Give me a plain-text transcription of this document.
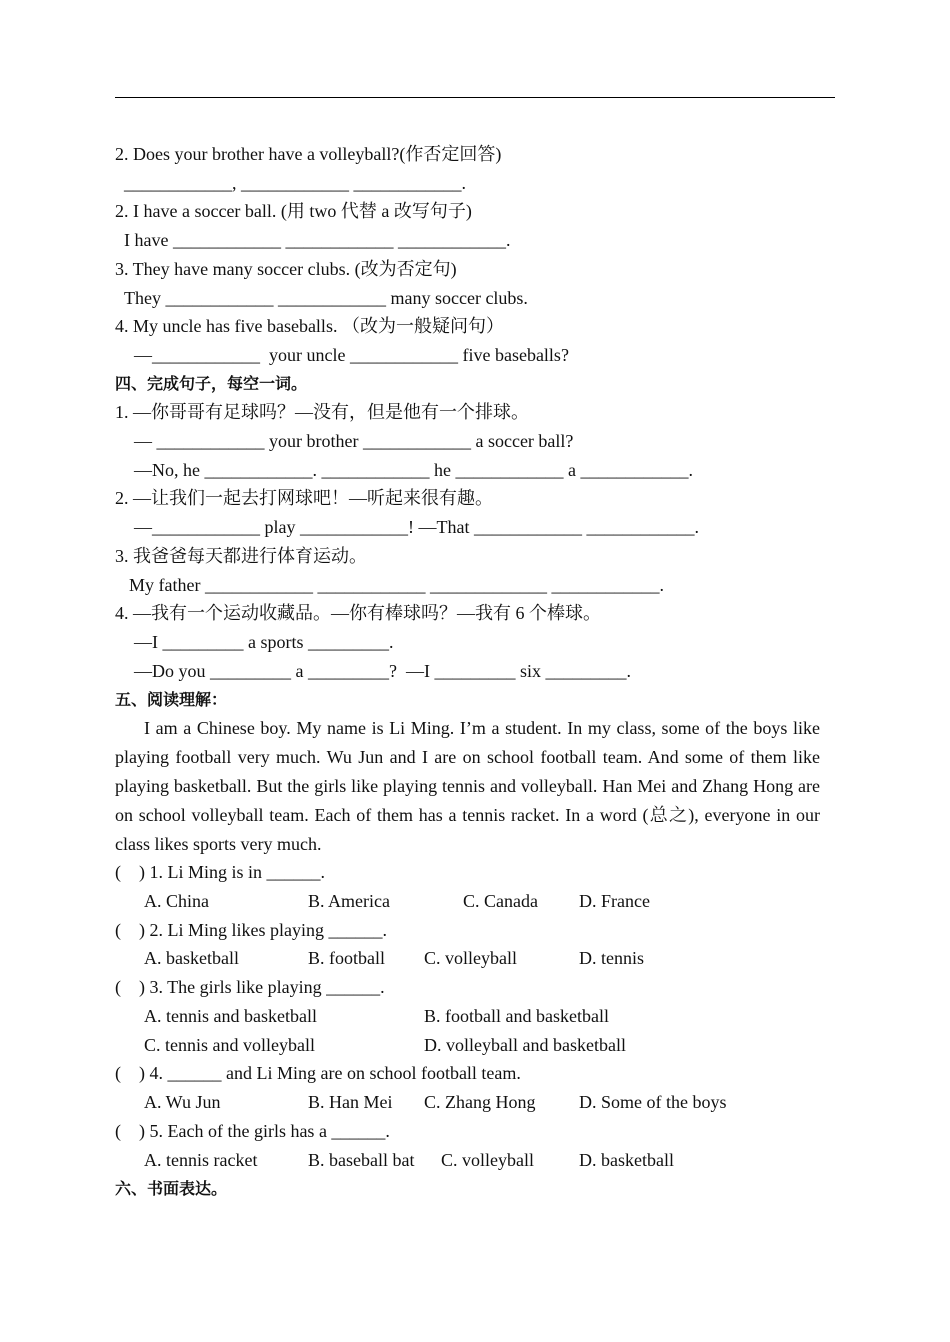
2. Does your brother have a volleyball?(作否定回答)
____________, ____________ ____________.
2. I have a soccer ball. (用 two 代替 a 改写句子)
I have ____________ ____________ ____________.
3. They have many soccer clubs. (改为否定句)
They ____________ ____________ many soccer clubs.
4. My uncle has five baseballs. （改为一般疑问句）
—____________  your uncle ____________ five baseballs?
四、完成句子，每空一词。
1. —你哥哥有足球吗？—没有，但是他有一个排球。
— ____________ your brother ____________ a soccer ball?
—No, he ____________. ____________ he ____________ a ____________.
2. —让我们一起去打网球吧！—听起来很有趣。
—____________ play ____________! —That ____________ ____________.
3. 我爸爸每天都进行体育运动。
My father ____________ ____________ _____________ ____________.
4. —我有一个运动收藏品。—你有棒球吗？—我有 6 个棒球。
—I _________ a sports _________.
—Do you _________ a _________?  —I _________ six _________.
五、阅读理解：
I am a Chinese boy. My name is Li Ming. I’m a student. In my class, some of the boys like playing football very much. Wu Jun and I are on school football team. And some of them like playing basketball. But the girls like playing tennis and volleyball. Han Mei and Zhang Hong are on school volleyball team. Each of them has a tennis racket. In a word (总之), everyone in our class likes sports very much.
(    ) 1. Li Ming is in ______.
A. China	B. America	C. Canada D. France
(    ) 2. Li Ming likes playing ______.
A. basketball	B. football C. volleyball	D. tennis
(    ) 3. The girls like playing ______.
A. tennis and basketball	B. football and basketball
C. tennis and volleyball	D. volleyball and basketball
(    ) 4. ______ and Li Ming are on school football team.
A. Wu Jun	B. Han Mei C. Zhang Hong D. Some of the boys
(    ) 5. Each of the girls has a ______.
A. tennis racket	B. baseball bat C. volleyball	D. basketball
六、书面表达。
